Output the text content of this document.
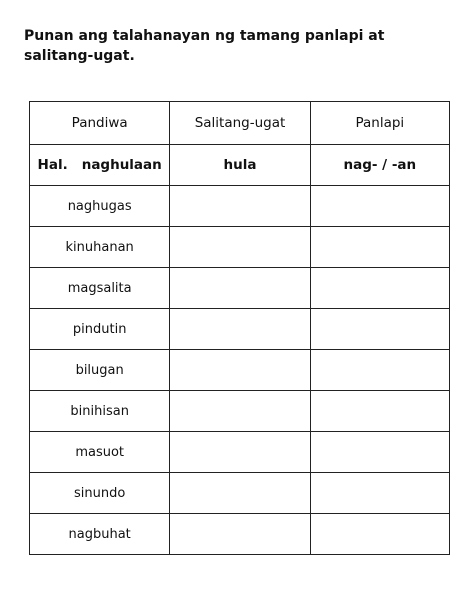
Punan ang talahanayan ng tamang panlapi at salitang-ugat.

Pandiwa	Salitang-ugat	Panlapi
Hal. naghulaan	hula	nag- / -an
naghugas		
kinuhanan		
magsalita		
pindutin		
bilugan		
binihisan		
masuot		
sinundo		
nagbuhat		
